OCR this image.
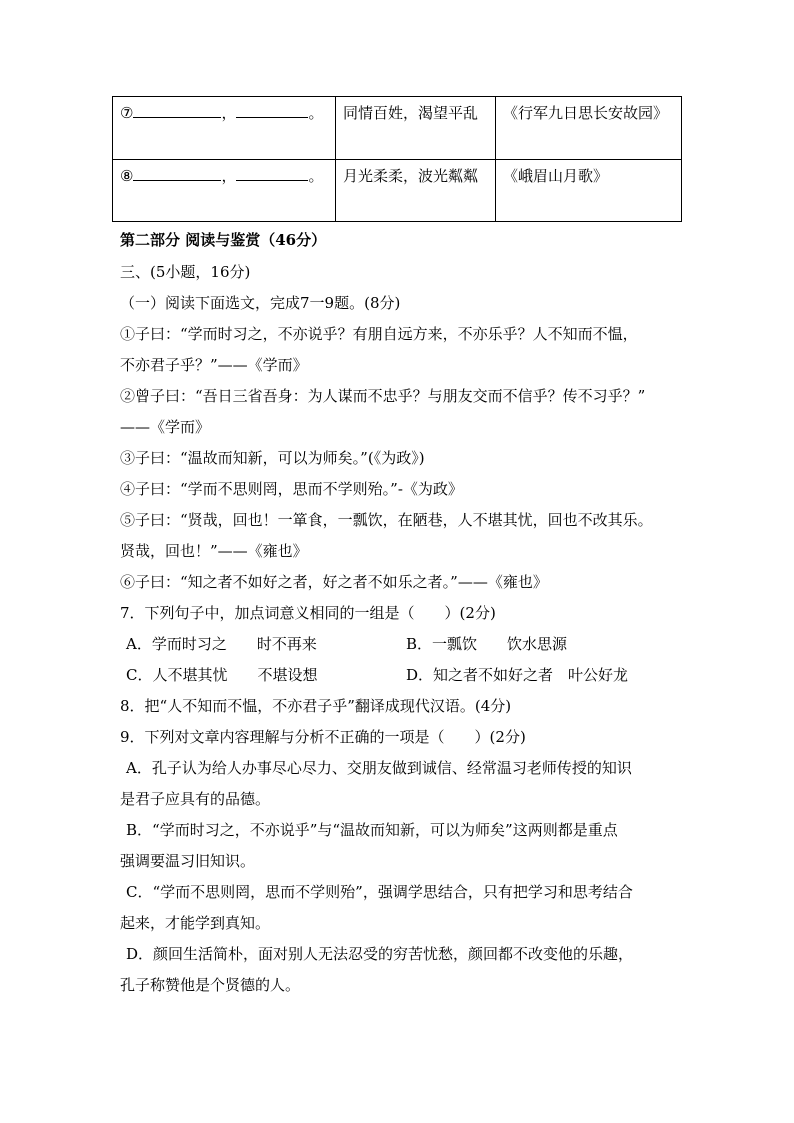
⑦ ， 。	同情百姓，渴望平乱	《行军九日思长安故园》
⑧ ， 。	月光柔柔，波光粼粼	《峨眉山月歌》
第二部分 阅读与鉴赏（46分）
三、(5小题，16分)
（一）阅读下面选文，完成7一9题。(8分)
①子曰：“学而时习之，不亦说乎？有朋自远方来，不亦乐乎？人不知而不愠，
不亦君子乎？”——《学而》
②曾子曰：“吾日三省吾身：为人谋而不忠乎？与朋友交而不信乎？传不习乎？”
——《学而》
③子曰：“温故而知新，可以为师矣。”(《为政》)
④子曰：“学而不思则罔，思而不学则殆。”-《为政》
⑤子曰：“贤哉，回也！一箪食，一瓢饮，在陋巷，人不堪其忧，回也不改其乐。
贤哉，回也！”——《雍也》
⑥子曰：“知之者不如好之者，好之者不如乐之者。”——《雍也》
7．下列句子中，加点词意义相同的一组是（　　）(2分)
A．学而时习之　　时不再来	B．一瓢饮　　饮水思源
C．人不堪其忧　　不堪设想	D．知之者不如好之者　叶公好龙
8．把“人不知而不愠，不亦君子乎”翻译成现代汉语。(4分)
9．下列对文章内容理解与分析不正确的一项是（　　）(2分)
A．孔子认为给人办事尽心尽力、交朋友做到诚信、经常温习老师传授的知识
是君子应具有的品德。
B．“学而时习之，不亦说乎”与“温故而知新，可以为师矣”这两则都是重点
强调要温习旧知识。
C．“学而不思则罔，思而不学则殆”，强调学思结合，只有把学习和思考结合
起来，才能学到真知。
D．颜回生活简朴，面对别人无法忍受的穷苦忧愁，颜回都不改变他的乐趣，
孔子称赞他是个贤德的人。
